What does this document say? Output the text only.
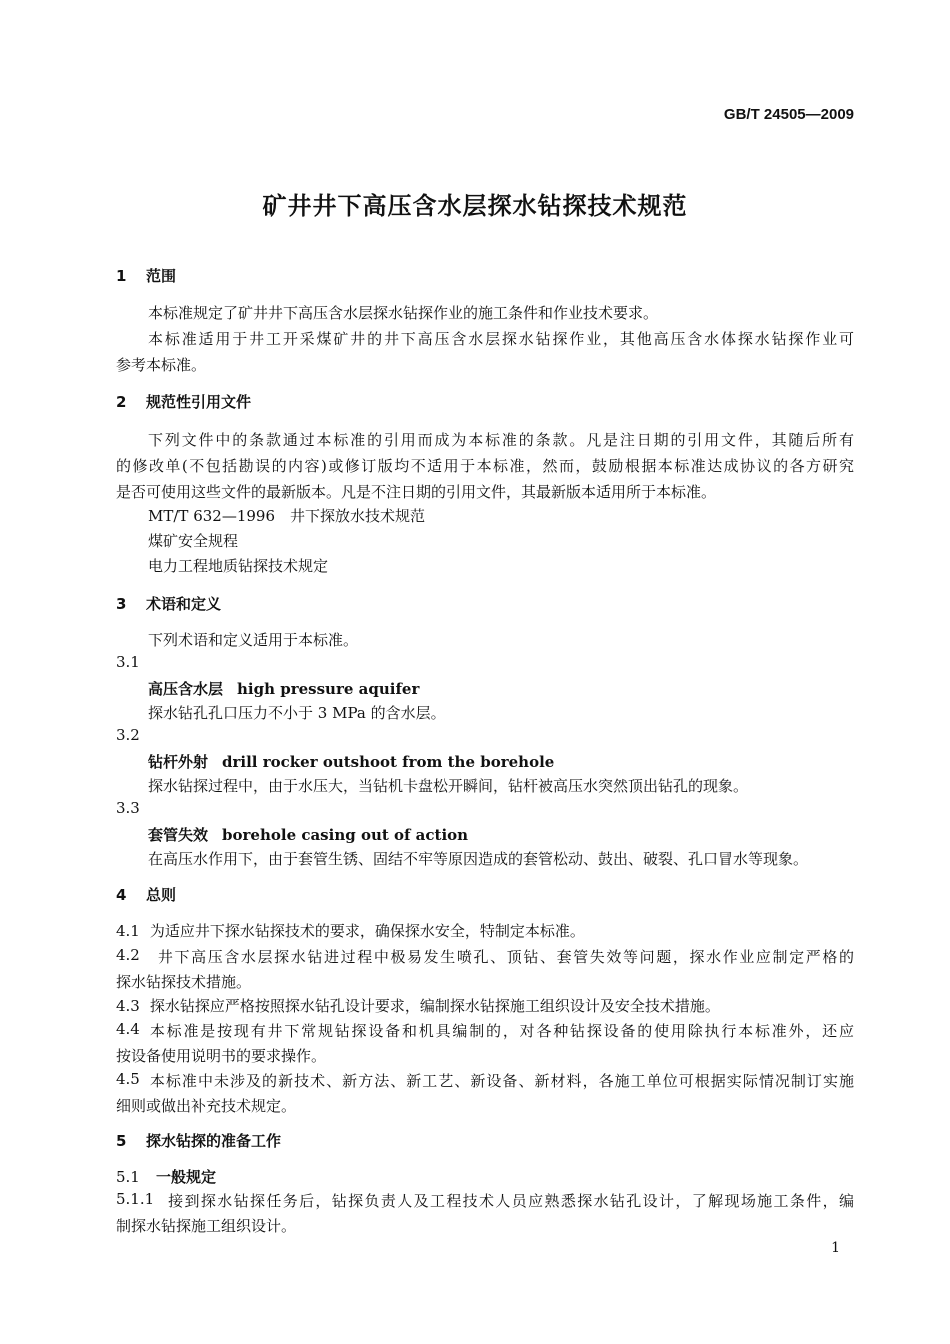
GB/T 24505—2009
矿井井下高压含水层探水钻探技术规范
1 范围
本标准规定了矿井井下高压含水层探水钻探作业的施工条件和作业技术要求。
本标准适用于井工开采煤矿井的井下高压含水层探水钻探作业，其他高压含水体探水钻探作业可
参考本标准。
2 规范性引用文件
下列文件中的条款通过本标准的引用而成为本标准的条款。凡是注日期的引用文件，其随后所有
的修改单(不包括勘误的内容)或修订版均不适用于本标准，然而，鼓励根据本标准达成协议的各方研究
是否可使用这些文件的最新版本。凡是不注日期的引用文件，其最新版本适用所于本标准。
MT/T 632—1996　井下探放水技术规范
煤矿安全规程
电力工程地质钻探技术规定
3 术语和定义
下列术语和定义适用于本标准。
3.1
高压含水层 high pressure aquifer
探水钻孔孔口压力不小于 3 MPa 的含水层。
3.2
钻杆外射 drill rocker outshoot from the borehole
探水钻探过程中，由于水压大，当钻机卡盘松开瞬间，钻杆被高压水突然顶出钻孔的现象。
3.3
套管失效 borehole casing out of action
在高压水作用下，由于套管生锈、固结不牢等原因造成的套管松动、鼓出、破裂、孔口冒水等现象。
4 总则
4.1 为适应井下探水钻探技术的要求，确保探水安全，特制定本标准。
4.2 井下高压含水层探水钻进过程中极易发生喷孔、顶钻、套管失效等问题，探水作业应制定严格的
探水钻探技术措施。
4.3 探水钻探应严格按照探水钻孔设计要求，编制探水钻探施工组织设计及安全技术措施。
4.4 本标准是按现有井下常规钻探设备和机具编制的，对各种钻探设备的使用除执行本标准外，还应
按设备使用说明书的要求操作。
4.5 本标准中未涉及的新技术、新方法、新工艺、新设备、新材料，各施工单位可根据实际情况制订实施
细则或做出补充技术规定。
5 探水钻探的准备工作
5.1 一般规定
5.1.1 接到探水钻探任务后，钻探负责人及工程技术人员应熟悉探水钻孔设计，了解现场施工条件，编
制探水钻探施工组织设计。
1
